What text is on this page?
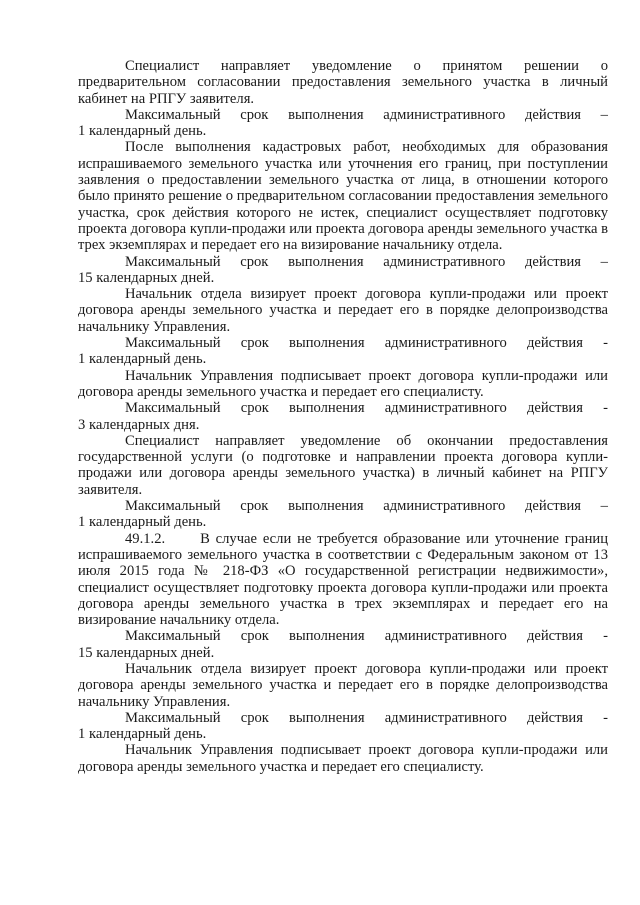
Специалист направляет уведомление о принятом решении о предварительном согласовании предоставления земельного участка в личный кабинет на РПГУ заявителя.

Максимальный срок выполнения административного действия –
1 календарный день.

После выполнения кадастровых работ, необходимых для образования испрашиваемого земельного участка или уточнения его границ, при поступлении заявления о предоставлении земельного участка от лица, в отношении которого было принято решение о предварительном согласовании предоставления земельного участка, срок действия которого не истек, специалист осуществляет подготовку проекта договора купли-продажи или проекта договора аренды земельного участка в трех экземплярах и передает его на визирование начальнику отдела.

Максимальный срок выполнения административного действия –
15 календарных дней.

Начальник отдела визирует проект договора купли-продажи или проект договора аренды земельного участка и передает его в порядке делопроизводства начальнику Управления.

Максимальный срок выполнения административного действия -
1 календарный день.

Начальник Управления подписывает проект договора купли-продажи или договора аренды земельного участка и передает его специалисту.

Максимальный срок выполнения административного действия -
3 календарных дня.

Специалист направляет уведомление об окончании предоставления государственной услуги (о подготовке и направлении проекта договора купли-продажи или договора аренды земельного участка) в личный кабинет на РПГУ заявителя.

Максимальный срок выполнения административного действия –
1 календарный день.

49.1.2.      В случае если не требуется образование или уточнение границ испрашиваемого земельного участка в соответствии с Федеральным законом от 13 июля 2015 года № 218-ФЗ «О государственной регистрации недвижимости», специалист осуществляет подготовку проекта договора купли-продажи или проекта договора аренды земельного участка в трех экземплярах и передает его на визирование начальнику отдела.

Максимальный срок выполнения административного действия -
15 календарных дней.

Начальник отдела визирует проект договора купли-продажи или проект договора аренды земельного участка и передает его в порядке делопроизводства начальнику Управления.

Максимальный срок выполнения административного действия -
1 календарный день.

Начальник Управления подписывает проект договора купли-продажи или договора аренды земельного участка и передает его специалисту.
